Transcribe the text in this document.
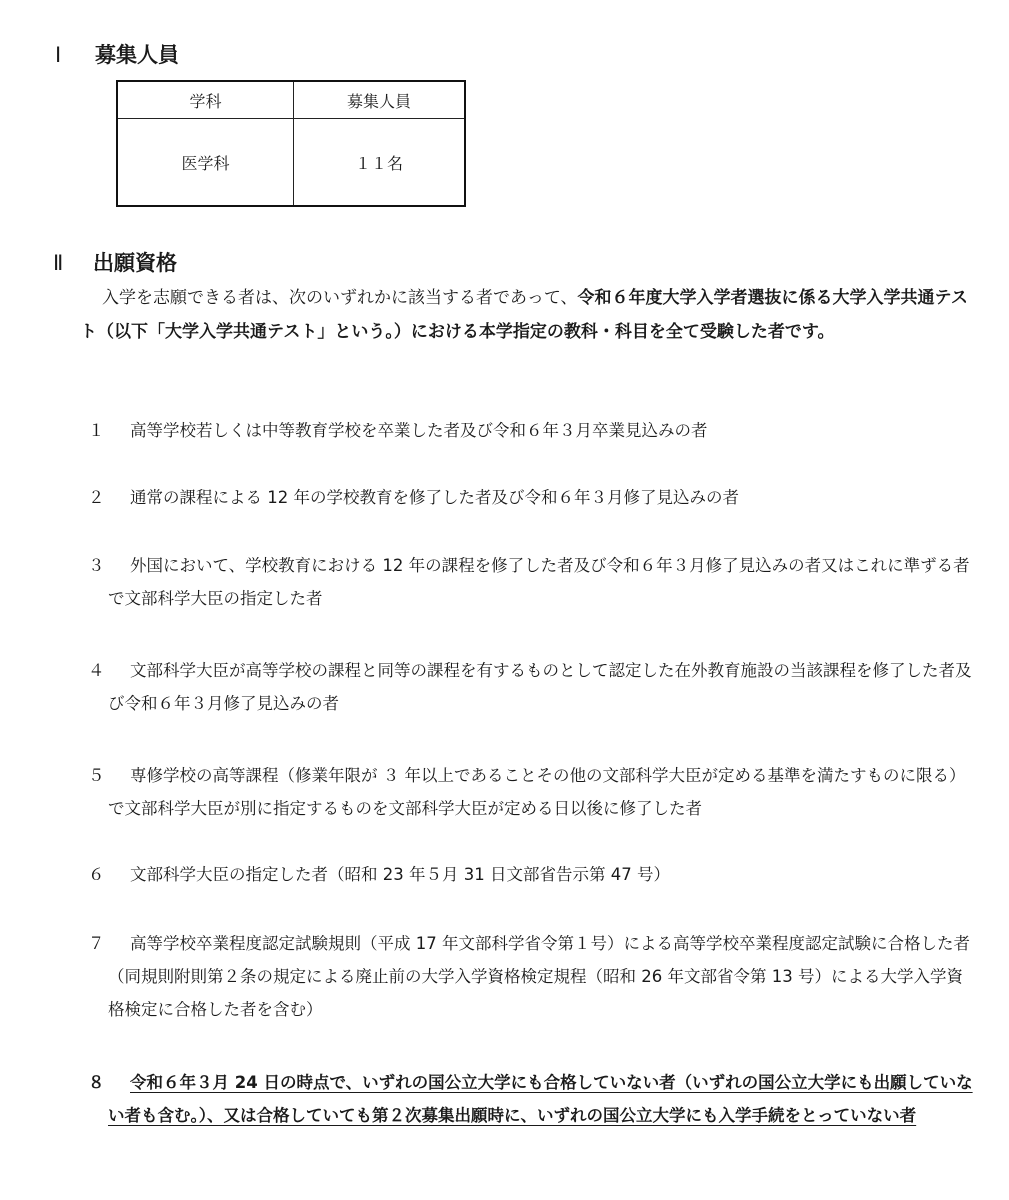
Ⅰ 募集人員
学科	募集人員
医学科	１１名
Ⅱ 出願資格

入学を志願できる者は、次のいずれかに該当する者であって、令和６年度大学入学者選抜に係る大学入学共通テスト（以下「大学入学共通テスト」という。）における本学指定の教科・科目を全て受験した者です。

１	高等学校若しくは中等教育学校を卒業した者及び令和６年３月卒業見込みの者
２	通常の課程による 12 年の学校教育を修了した者及び令和６年３月修了見込みの者
３	外国において、学校教育における 12 年の課程を修了した者及び令和６年３月修了見込みの者又はこれに準ずる者で文部科学大臣の指定した者
４	文部科学大臣が高等学校の課程と同等の課程を有するものとして認定した在外教育施設の当該課程を修了した者及び令和６年３月修了見込みの者
５	専修学校の高等課程（修業年限が ３ 年以上であることその他の文部科学大臣が定める基準を満たすものに限る）で文部科学大臣が別に指定するものを文部科学大臣が定める日以後に修了した者
６	文部科学大臣の指定した者（昭和 23 年５月 31 日文部省告示第 47 号）
７	高等学校卒業程度認定試験規則（平成 17 年文部科学省令第１号）による高等学校卒業程度認定試験に合格した者（同規則附則第２条の規定による廃止前の大学入学資格検定規程（昭和 26 年文部省令第 13 号）による大学入学資格検定に合格した者を含む）
８	令和６年３月 24 日の時点で、いずれの国公立大学にも合格していない者（いずれの国公立大学にも出願していない者も含む。）、又は合格していても第２次募集出願時に、いずれの国公立大学にも入学手続をとっていない者
